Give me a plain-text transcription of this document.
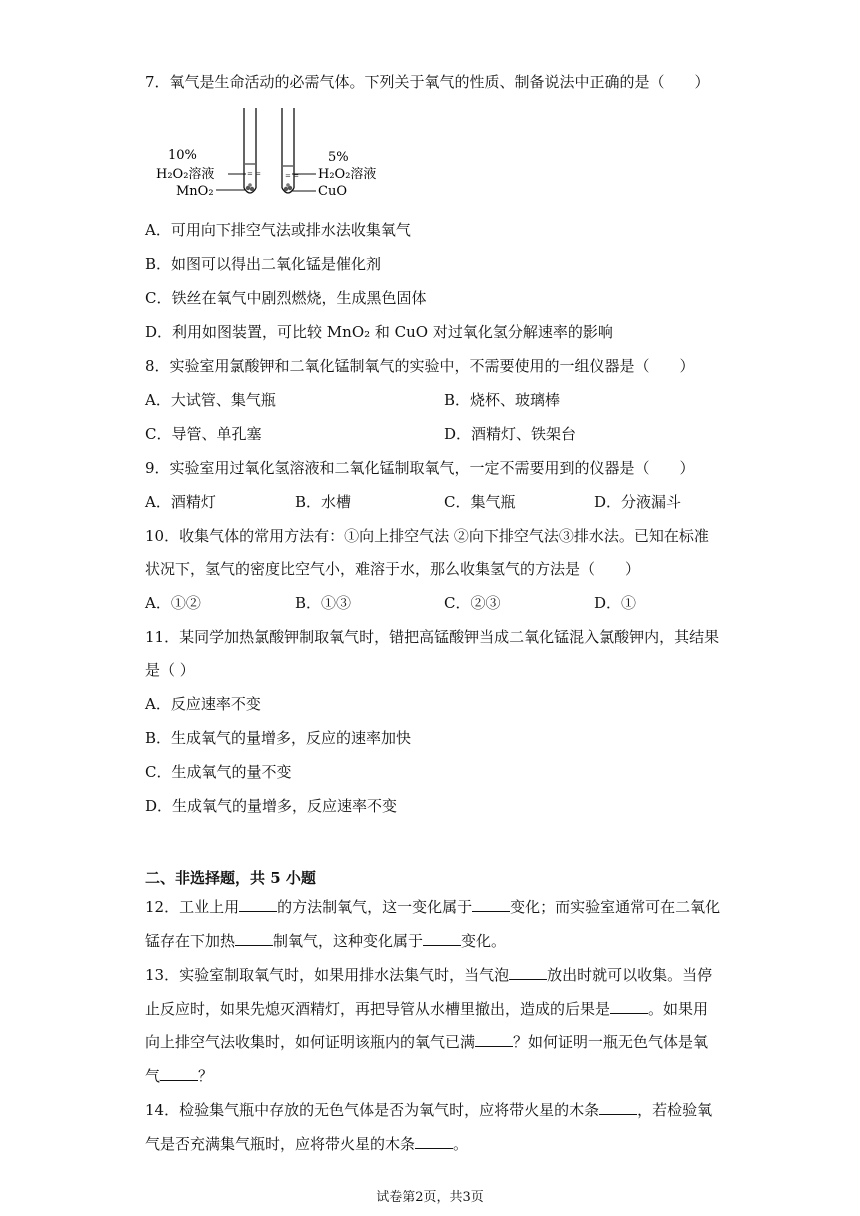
7．氧气是生命活动的必需气体。下列关于氧气的性质、制备说法中正确的是（　　）
= =	= =
10%
H₂O₂溶液
MnO₂
5%
H₂O₂溶液
CuO
A．可用向下排空气法或排水法收集氧气
B．如图可以得出二氧化锰是催化剂
C．铁丝在氧气中剧烈燃烧，生成黑色固体
D．利用如图装置，可比较 MnO₂ 和 CuO 对过氧化氢分解速率的影响
8．实验室用氯酸钾和二氧化锰制氧气的实验中，不需要使用的一组仪器是（　　）
A．大试管、集气瓶	B．烧杯、玻璃棒
C．导管、单孔塞	D．酒精灯、铁架台
9．实验室用过氧化氢溶液和二氧化锰制取氧气，一定不需要用到的仪器是（　　）
A．酒精灯	B．水槽	C．集气瓶	D．分液漏斗
10．收集气体的常用方法有：①向上排空气法 ②向下排空气法③排水法。已知在标准
状况下，氢气的密度比空气小，难溶于水，那么收集氢气的方法是（　　）
A．①②	B．①③	C．②③	D．①
11．某同学加热氯酸钾制取氧气时，错把高锰酸钾当成二氧化锰混入氯酸钾内，其结果
是（ ）
A．反应速率不变
B．生成氧气的量增多，反应的速率加快
C．生成氧气的量不变
D．生成氧气的量增多，反应速率不变
二、非选择题，共 5 小题
12．工业上用	的方法制氧气，这一变化属于	变化；而实验室通常可在二氧化
锰存在下加热	制氧气，这种变化属于	变化。
13．实验室制取氧气时，如果用排水法集气时，当气泡	放出时就可以收集。当停
止反应时，如果先熄灭酒精灯，再把导管从水槽里撤出，造成的后果是	。如果用
向上排空气法收集时，如何证明该瓶内的氧气已满	？如何证明一瓶无色气体是氧
气	？
14．检验集气瓶中存放的无色气体是否为氧气时，应将带火星的木条	，若检验氧
气是否充满集气瓶时，应将带火星的木条	。
试卷第2页，共3页
